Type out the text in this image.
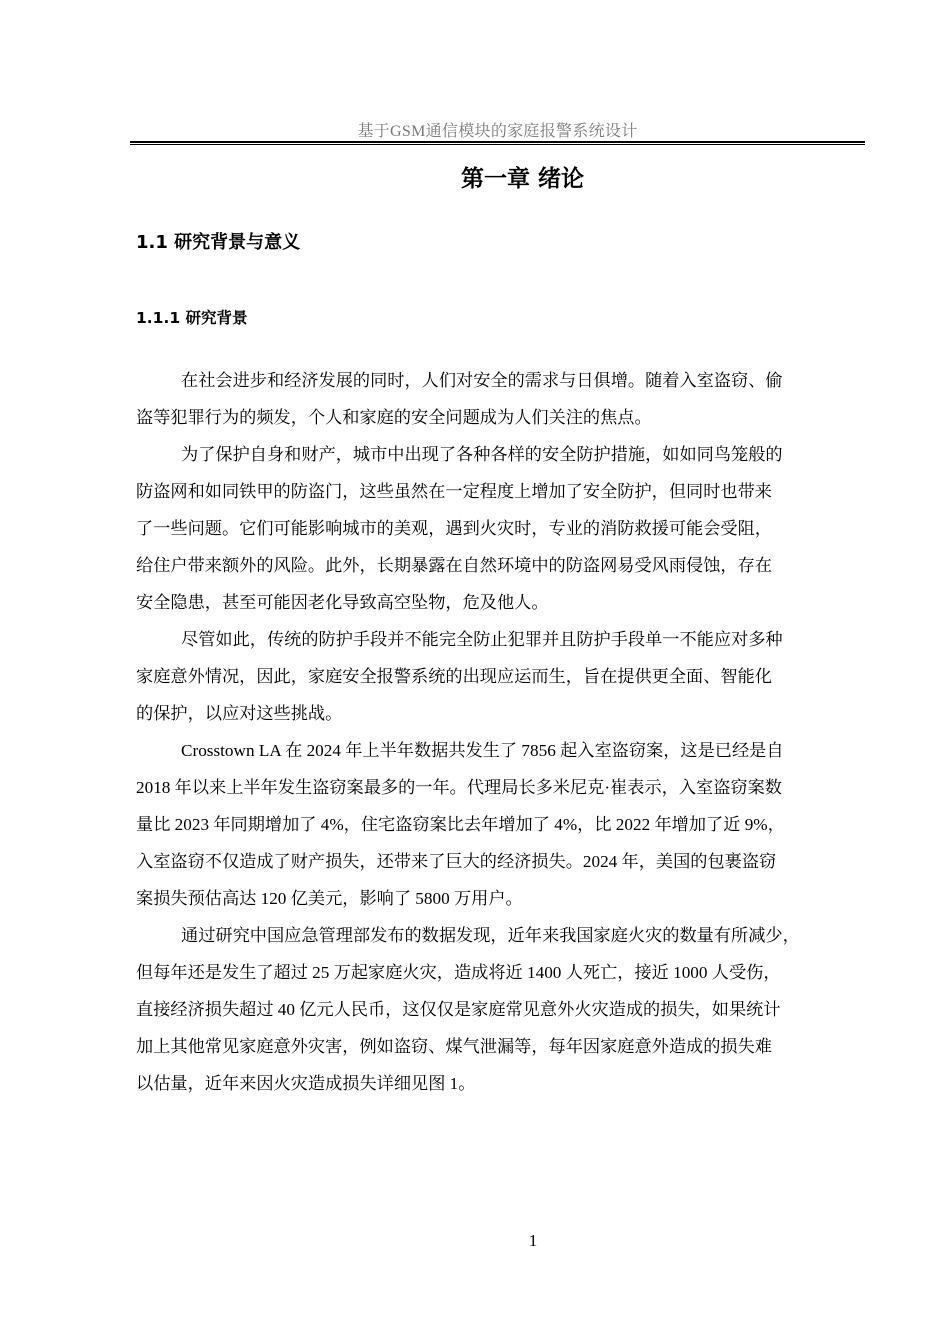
基于GSM通信模块的家庭报警系统设计
第一章 绪论
1.1 研究背景与意义
1.1.1 研究背景
在社会进步和经济发展的同时，人们对安全的需求与日俱增。随着入室盗窃、偷
盗等犯罪行为的频发，个人和家庭的安全问题成为人们关注的焦点。
为了保护自身和财产，城市中出现了各种各样的安全防护措施，如如同鸟笼般的
防盗网和如同铁甲的防盗门，这些虽然在一定程度上增加了安全防护，但同时也带来
了一些问题。它们可能影响城市的美观，遇到火灾时，专业的消防救援可能会受阻，
给住户带来额外的风险。此外，长期暴露在自然环境中的防盗网易受风雨侵蚀，存在
安全隐患，甚至可能因老化导致高空坠物，危及他人。
尽管如此，传统的防护手段并不能完全防止犯罪并且防护手段单一不能应对多种
家庭意外情况，因此，家庭安全报警系统的出现应运而生，旨在提供更全面、智能化
的保护，以应对这些挑战。
Crosstown LA 在 2024 年上半年数据共发生了 7856 起入室盗窃案，这是已经是自
2018 年以来上半年发生盗窃案最多的一年。代理局长多米尼克·崔表示，入室盗窃案数
量比 2023 年同期增加了 4%，住宅盗窃案比去年增加了 4%，比 2022 年增加了近 9%，
入室盗窃不仅造成了财产损失，还带来了巨大的经济损失。2024 年，美国的包裹盗窃
案损失预估高达 120 亿美元，影响了 5800 万用户。
通过研究中国应急管理部发布的数据发现，近年来我国家庭火灾的数量有所减少，
但每年还是发生了超过 25 万起家庭火灾，造成将近 1400 人死亡，接近 1000 人受伤，
直接经济损失超过 40 亿元人民币，这仅仅是家庭常见意外火灾造成的损失，如果统计
加上其他常见家庭意外灾害，例如盗窃、煤气泄漏等，每年因家庭意外造成的损失难
以估量，近年来因火灾造成损失详细见图 1。
1
